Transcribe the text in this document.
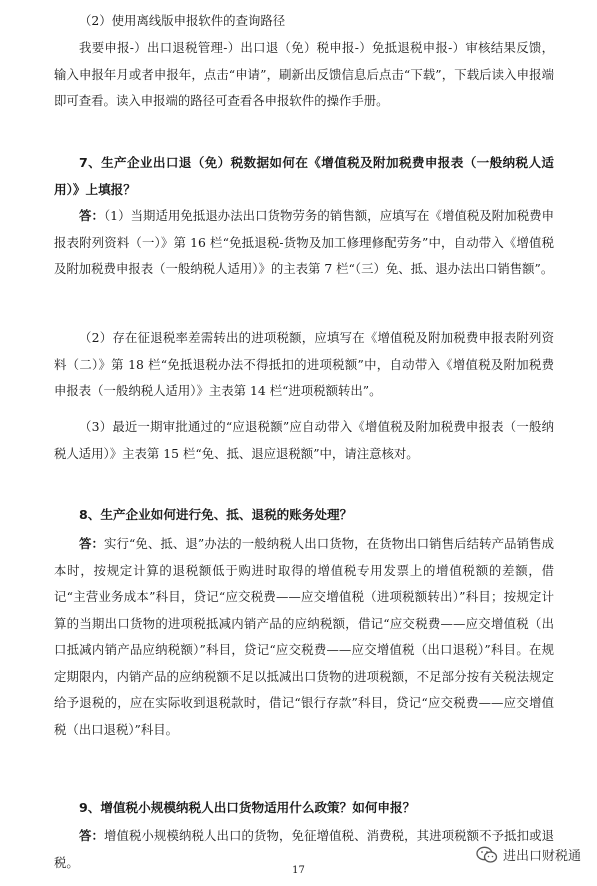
（2）使用离线版申报软件的查询路径

我要申报-）出口退税管理-）出口退（免）税申报-）免抵退税申报-）审核结果反馈，输入申报年月或者申报年，点击“申请”，刷新出反馈信息后点击“下载”，下载后读入申报端即可查看。读入申报端的路径可查看各申报软件的操作手册。

7、生产企业出口退（免）税数据如何在《增值税及附加税费申报表（一般纳税人适用）》上填报？

答：（1）当期适用免抵退办法出口货物劳务的销售额，应填写在《增值税及附加税费申报表附列资料（一）》第 16 栏“免抵退税-货物及加工修理修配劳务”中，自动带入《增值税及附加税费申报表（一般纳税人适用）》的主表第 7 栏“（三）免、抵、退办法出口销售额”。

（2）存在征退税率差需转出的进项税额，应填写在《增值税及附加税费申报表附列资料（二）》第 18 栏“免抵退税办法不得抵扣的进项税额”中，自动带入《增值税及附加税费申报表（一般纳税人适用）》主表第 14 栏“进项税额转出”。

（3）最近一期审批通过的“应退税额”应自动带入《增值税及附加税费申报表（一般纳税人适用）》主表第 15 栏“免、抵、退应退税额”中，请注意核对。

8、生产企业如何进行免、抵、退税的账务处理？

答：实行“免、抵、退”办法的一般纳税人出口货物，在货物出口销售后结转产品销售成本时，按规定计算的退税额低于购进时取得的增值税专用发票上的增值税额的差额，借记“主营业务成本”科目，贷记“应交税费——应交增值税（进项税额转出）”科目；按规定计算的当期出口货物的进项税抵减内销产品的应纳税额，借记“应交税费——应交增值税（出口抵减内销产品应纳税额）”科目，贷记“应交税费——应交增值税（出口退税）”科目。在规定期限内，内销产品的应纳税额不足以抵减出口货物的进项税额，不足部分按有关税法规定给予退税的，应在实际收到退税款时，借记“银行存款”科目，贷记“应交税费——应交增值税（出口退税）”科目。

9、增值税小规模纳税人出口货物适用什么政策？如何申报？

答：增值税小规模纳税人出口的货物，免征增值税、消费税，其进项税额不予抵扣或退税。

17
进出口财税通
